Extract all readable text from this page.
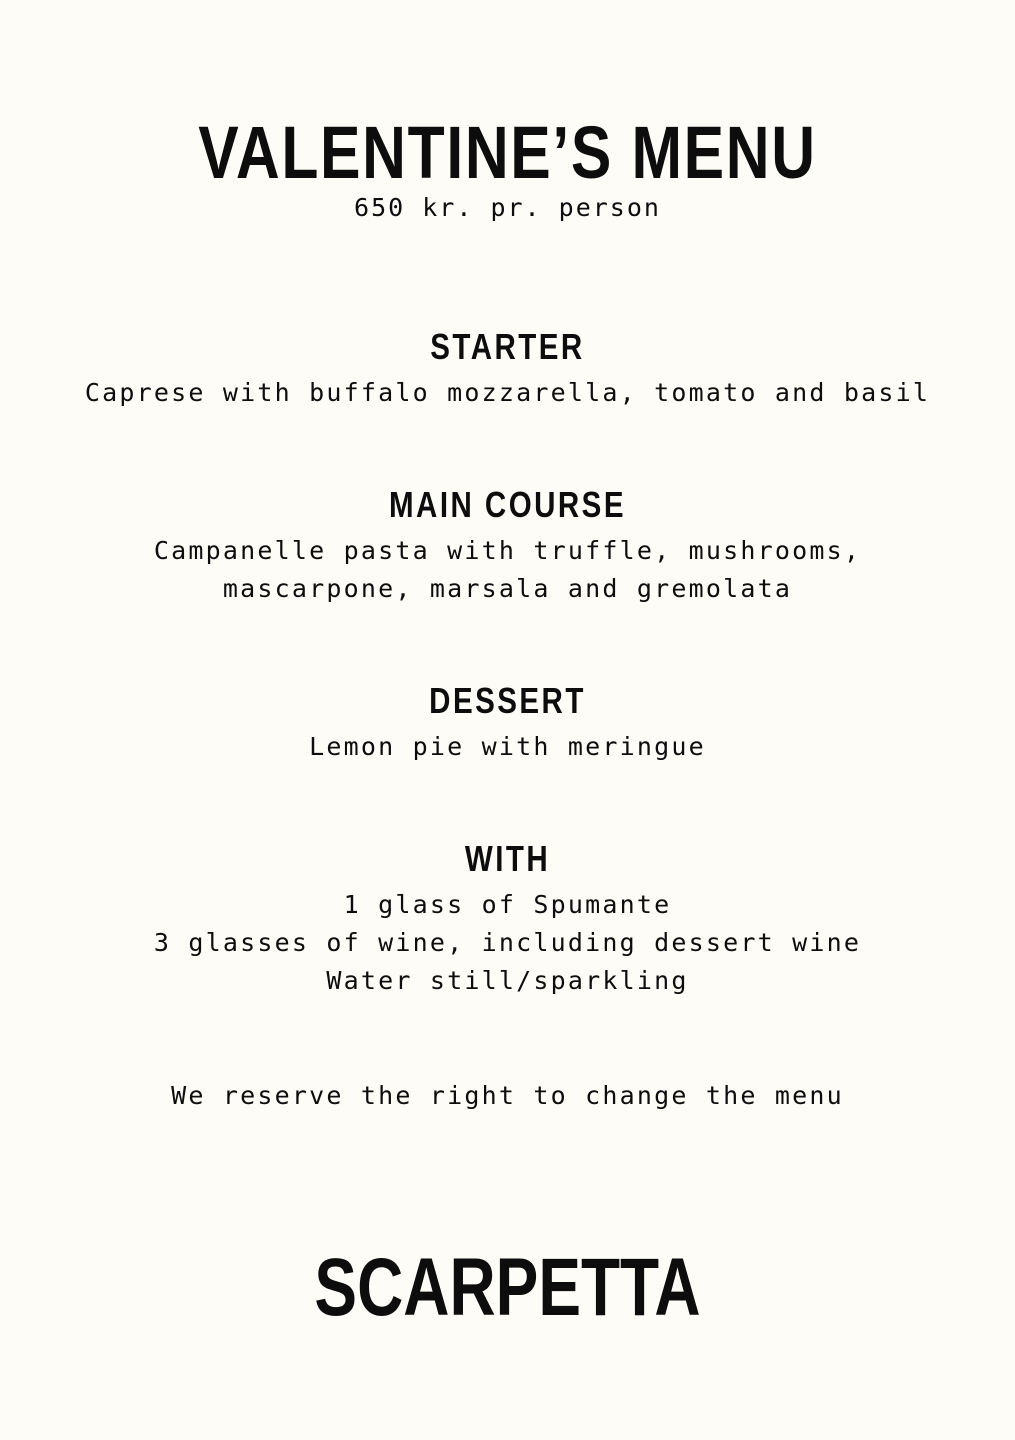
VALENTINE’S MENU
650 kr. pr. person
STARTER
Caprese with buffalo mozzarella, tomato and basil
MAIN COURSE
Campanelle pasta with truffle, mushrooms,
mascarpone, marsala and gremolata
DESSERT
Lemon pie with meringue
WITH
1 glass of Spumante
3 glasses of wine, including dessert wine
Water still/sparkling
We reserve the right to change the menu
SCARPETTA
